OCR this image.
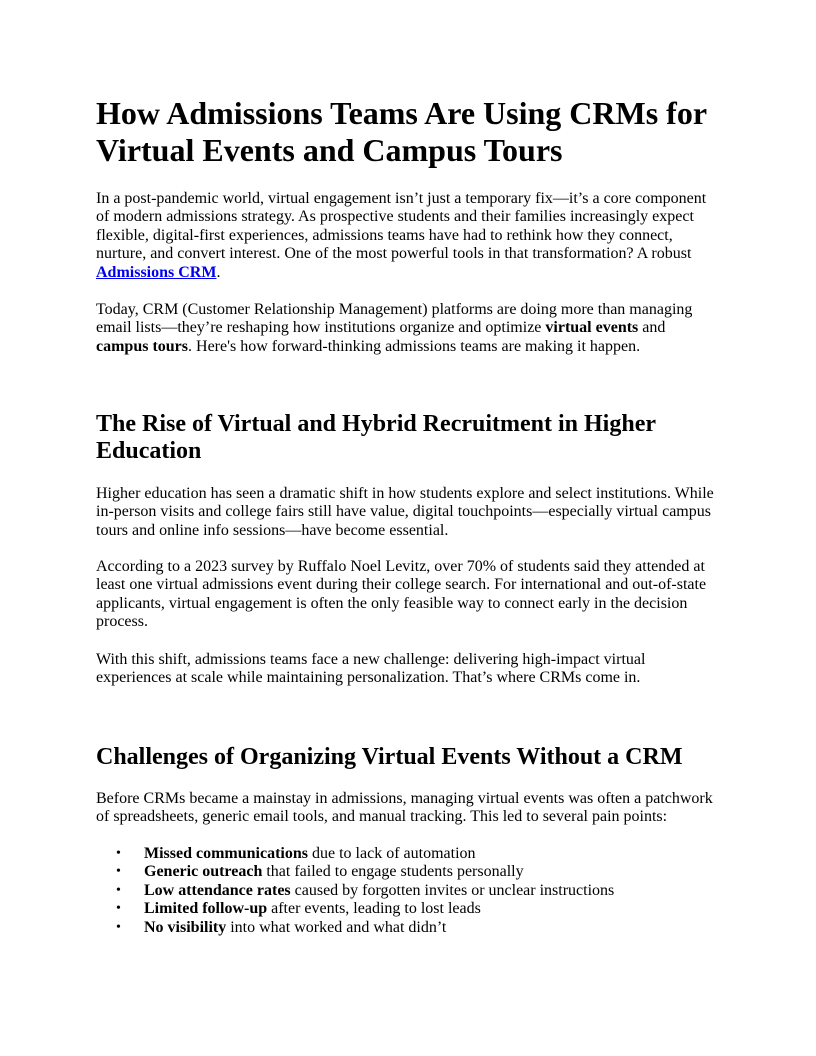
How Admissions Teams Are Using CRMs for Virtual Events and Campus Tours

In a post-pandemic world, virtual engagement isn’t just a temporary fix—it’s a core component of modern admissions strategy. As prospective students and their families increasingly expect flexible, digital-first experiences, admissions teams have had to rethink how they connect, nurture, and convert interest. One of the most powerful tools in that transformation? A robust Admissions CRM.

Today, CRM (Customer Relationship Management) platforms are doing more than managing email lists—they’re reshaping how institutions organize and optimize virtual events and campus tours. Here's how forward-thinking admissions teams are making it happen.

The Rise of Virtual and Hybrid Recruitment in Higher Education

Higher education has seen a dramatic shift in how students explore and select institutions. While in-person visits and college fairs still have value, digital touchpoints—especially virtual campus tours and online info sessions—have become essential.

According to a 2023 survey by Ruffalo Noel Levitz, over 70% of students said they attended at least one virtual admissions event during their college search. For international and out-of-state applicants, virtual engagement is often the only feasible way to connect early in the decision process.

With this shift, admissions teams face a new challenge: delivering high-impact virtual experiences at scale while maintaining personalization. That’s where CRMs come in.

Challenges of Organizing Virtual Events Without a CRM

Before CRMs became a mainstay in admissions, managing virtual events was often a patchwork of spreadsheets, generic email tools, and manual tracking. This led to several pain points:

• Missed communications due to lack of automation
• Generic outreach that failed to engage students personally
• Low attendance rates caused by forgotten invites or unclear instructions
• Limited follow-up after events, leading to lost leads
• No visibility into what worked and what didn’t
